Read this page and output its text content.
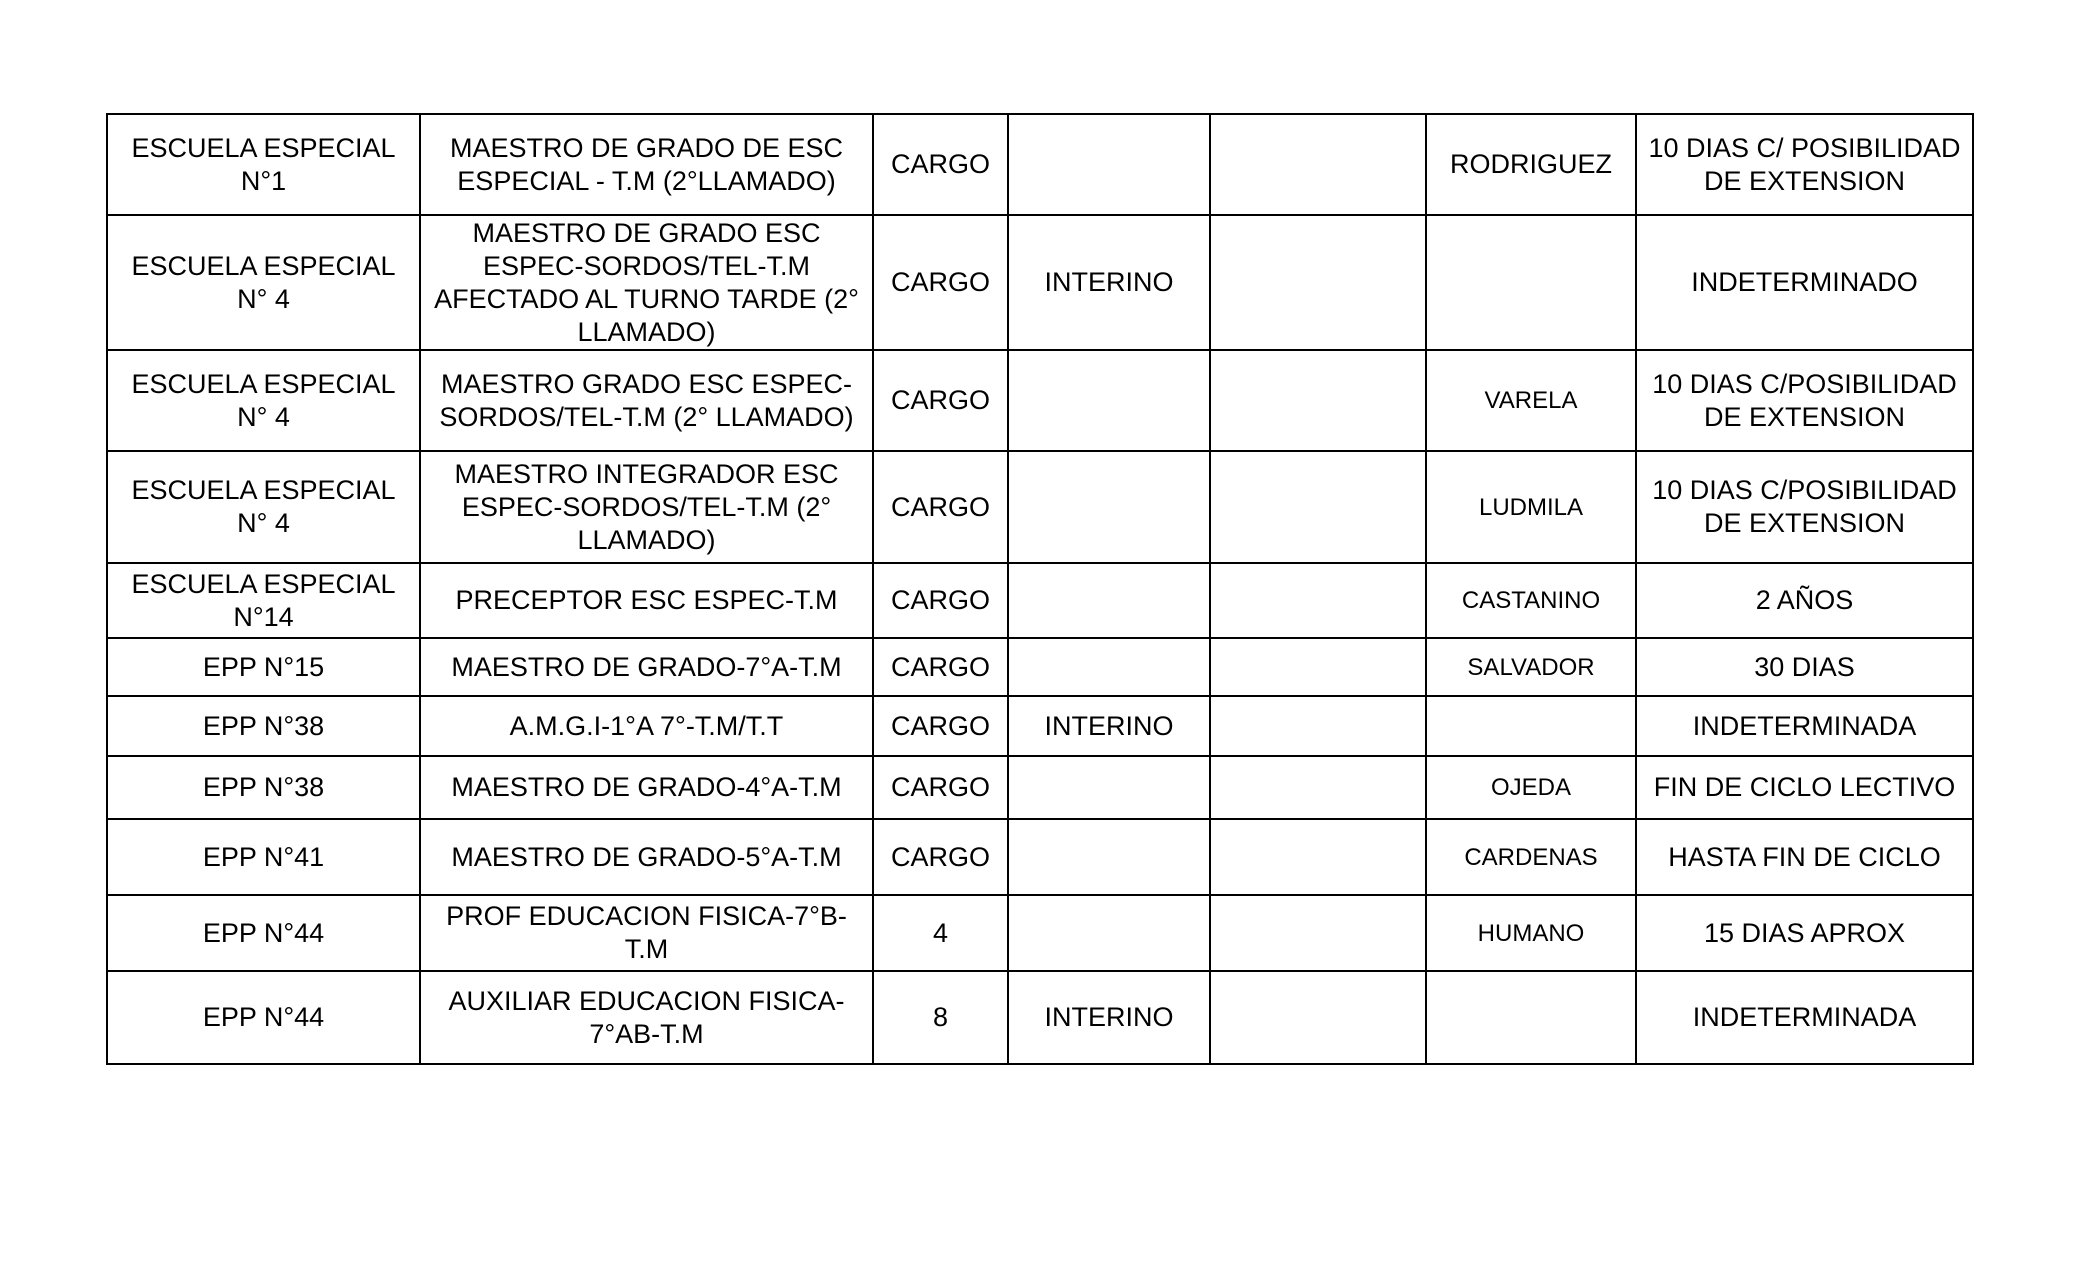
ESCUELA ESPECIAL N°1	MAESTRO DE GRADO DE ESC ESPECIAL - T.M (2°LLAMADO)	CARGO			RODRIGUEZ	10 DIAS C/ POSIBILIDAD DE EXTENSION
ESCUELA ESPECIAL N° 4	MAESTRO DE GRADO ESC ESPEC-SORDOS/TEL-T.M AFECTADO AL TURNO TARDE (2° LLAMADO)	CARGO	INTERINO			INDETERMINADO
ESCUELA ESPECIAL N° 4	MAESTRO GRADO ESC ESPEC-SORDOS/TEL-T.M (2° LLAMADO)	CARGO			VARELA	10 DIAS C/POSIBILIDAD DE EXTENSION
ESCUELA ESPECIAL N° 4	MAESTRO INTEGRADOR ESC ESPEC-SORDOS/TEL-T.M (2° LLAMADO)	CARGO			LUDMILA	10 DIAS C/POSIBILIDAD DE EXTENSION
ESCUELA ESPECIAL N°14	PRECEPTOR ESC ESPEC-T.M	CARGO			CASTANINO	2 AÑOS
EPP N°15	MAESTRO DE GRADO-7°A-T.M	CARGO			SALVADOR	30 DIAS
EPP N°38	A.M.G.I-1°A 7°-T.M/T.T	CARGO	INTERINO			INDETERMINADA
EPP N°38	MAESTRO DE GRADO-4°A-T.M	CARGO			OJEDA	FIN DE CICLO LECTIVO
EPP N°41	MAESTRO DE GRADO-5°A-T.M	CARGO			CARDENAS	HASTA FIN DE CICLO
EPP N°44	PROF EDUCACION FISICA-7°B-T.M	4			HUMANO	15 DIAS APROX
EPP N°44	AUXILIAR EDUCACION FISICA-7°AB-T.M	8	INTERINO			INDETERMINADA
